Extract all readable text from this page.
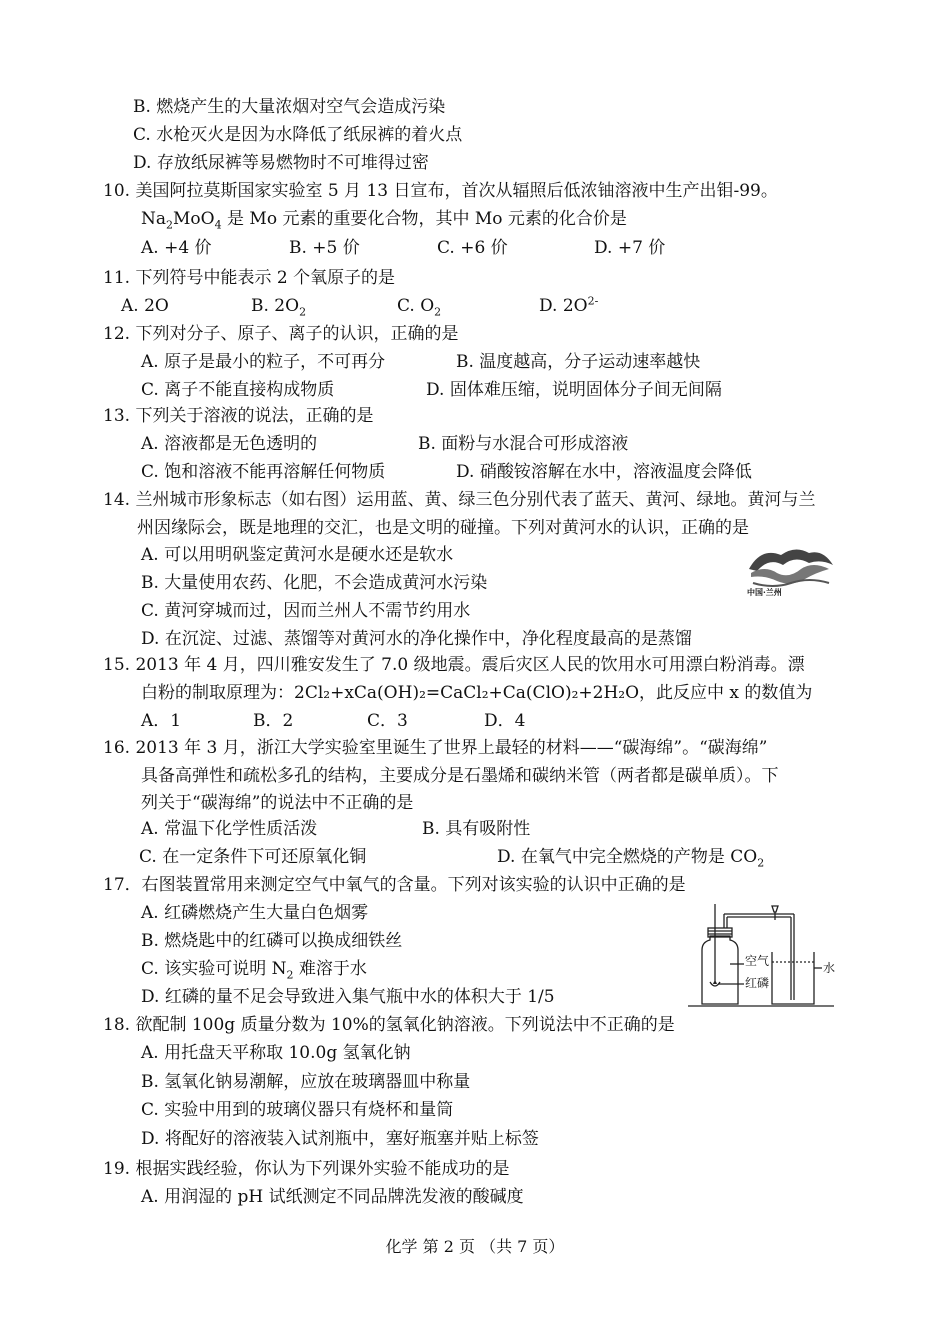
B. 燃烧产生的大量浓烟对空气会造成污染
C. 水枪灭火是因为水降低了纸尿裤的着火点
D. 存放纸尿裤等易燃物时不可堆得过密
10. 美国阿拉莫斯国家实验室 5 月 13 日宣布，首次从辐照后低浓铀溶液中生产出钼-99。
$Na_2MoO_4$ 是 Mo 元素的重要化合物，其中 Mo 元素的化合价是
A. +4 价	B. +5 价	C. +6 价	D. +7 价
11. 下列符号中能表示 2 个氧原子的是
A. 2O	B. $2O_2$	C. $O_2$	D. $2O^{2-}$
12. 下列对分子、原子、离子的认识，正确的是
A. 原子是最小的粒子，不可再分	B. 温度越高，分子运动速率越快
C. 离子不能直接构成物质	D. 固体难压缩，说明固体分子间无间隔
13. 下列关于溶液的说法，正确的是
A. 溶液都是无色透明的	B. 面粉与水混合可形成溶液
C. 饱和溶液不能再溶解任何物质	D. 硝酸铵溶解在水中，溶液温度会降低
14. 兰州城市形象标志（如右图）运用蓝、黄、绿三色分别代表了蓝天、黄河、绿地。黄河与兰
州因缘际会，既是地理的交汇，也是文明的碰撞。下列对黄河水的认识，正确的是
A. 可以用明矾鉴定黄河水是硬水还是软水
B. 大量使用农药、化肥，不会造成黄河水污染
C. 黄河穿城而过，因而兰州人不需节约用水
D. 在沉淀、过滤、蒸馏等对黄河水的净化操作中，净化程度最高的是蒸馏
中国·兰州
15. 2013 年 4 月，四川雅安发生了 7.0 级地震。震后灾区人民的饮用水可用漂白粉消毒。漂
白粉的制取原理为：2Cl₂+xCa(OH)₂=CaCl₂+Ca(ClO)₂+2H₂O，此反应中 x 的数值为
A．1	B．2	C．3	D．4
16. 2013 年 3 月，浙江大学实验室里诞生了世界上最轻的材料——“碳海绵”。“碳海绵”
具备高弹性和疏松多孔的结构，主要成分是石墨烯和碳纳米管（两者都是碳单质）。下
列关于“碳海绵”的说法中不正确的是
A. 常温下化学性质活泼	B. 具有吸附性
C. 在一定条件下可还原氧化铜	D. 在氧气中完全燃烧的产物是 $CO_2$
17．右图装置常用来测定空气中氧气的含量。下列对该实验的认识中正确的是
A. 红磷燃烧产生大量白色烟雾
B. 燃烧匙中的红磷可以换成细铁丝
C. 该实验可说明 $N_2$ 难溶于水
D. 红磷的量不足会导致进入集气瓶中水的体积大于 1/5
空气
红磷
水
18. 欲配制 100g 质量分数为 10%的氢氧化钠溶液。下列说法中不正确的是
A. 用托盘天平称取 10.0g 氢氧化钠
B. 氢氧化钠易潮解，应放在玻璃器皿中称量
C. 实验中用到的玻璃仪器只有烧杯和量筒
D. 将配好的溶液装入试剂瓶中，塞好瓶塞并贴上标签
19. 根据实践经验，你认为下列课外实验不能成功的是
A. 用润湿的 pH 试纸测定不同品牌洗发液的酸碱度
化学 第 2 页 （共 7 页）
